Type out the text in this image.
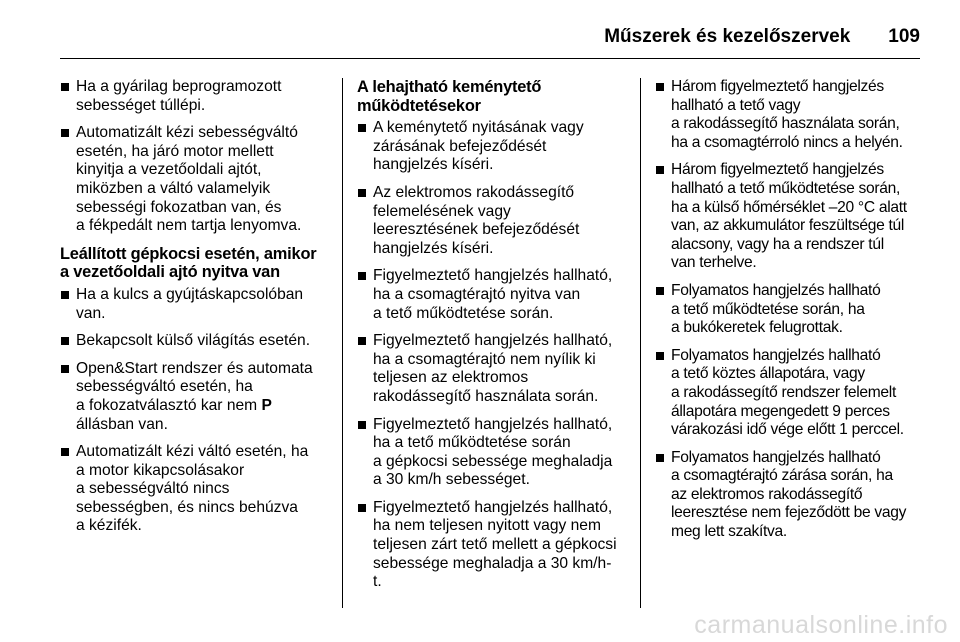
Műszerek és kezelőszervek 109
Ha a gyárilag beprogramozott
sebességet túllépi.
Automatizált kézi sebességváltó
esetén, ha járó motor mellett
kinyitja a vezetőoldali ajtót,
miközben a váltó valamelyik
sebességi fokozatban van, és
a fékpedált nem tartja lenyomva.
Leállított gépkocsi esetén, amikor
a vezetőoldali ajtó nyitva van
Ha a kulcs a gyújtáskapcsolóban
van.
Bekapcsolt külső világítás esetén.
Open&Start rendszer és automata
sebességváltó esetén, ha
a fokozatválasztó kar nem P
állásban van.
Automatizált kézi váltó esetén, ha
a motor kikapcsolásakor
a sebességváltó nincs
sebességben, és nincs behúzva
a kézifék.
A lehajtható keménytető
működtetésekor
A keménytető nyitásának vagy
zárásának befejeződését
hangjelzés kíséri.
Az elektromos rakodássegítő
felemelésének vagy
leeresztésének befejeződését
hangjelzés kíséri.
Figyelmeztető hangjelzés hallható,
ha a csomagtérajtó nyitva van
a tető működtetése során.
Figyelmeztető hangjelzés hallható,
ha a csomagtérajtó nem nyílik ki
teljesen az elektromos
rakodássegítő használata során.
Figyelmeztető hangjelzés hallható,
ha a tető működtetése során
a gépkocsi sebessége meghaladja
a 30 km/h sebességet.
Figyelmeztető hangjelzés hallható,
ha nem teljesen nyitott vagy nem
teljesen zárt tető mellett a gépkocsi
sebessége meghaladja a 30 km/h-
t.
Három figyelmeztető hangjelzés
hallható a tető vagy
a rakodássegítő használata során,
ha a csomagtérroló nincs a helyén.
Három figyelmeztető hangjelzés
hallható a tető működtetése során,
ha a külső hőmérséklet –20 °C alatt
van, az akkumulátor feszültsége túl
alacsony, vagy ha a rendszer túl
van terhelve.
Folyamatos hangjelzés hallható
a tető működtetése során, ha
a bukókeretek felugrottak.
Folyamatos hangjelzés hallható
a tető köztes állapotára, vagy
a rakodássegítő rendszer felemelt
állapotára megengedett 9 perces
várakozási idő vége előtt 1 perccel.
Folyamatos hangjelzés hallható
a csomagtérajtó zárása során, ha
az elektromos rakodássegítő
leeresztése nem fejeződött be vagy
meg lett szakítva.
carmanualsonline.info
